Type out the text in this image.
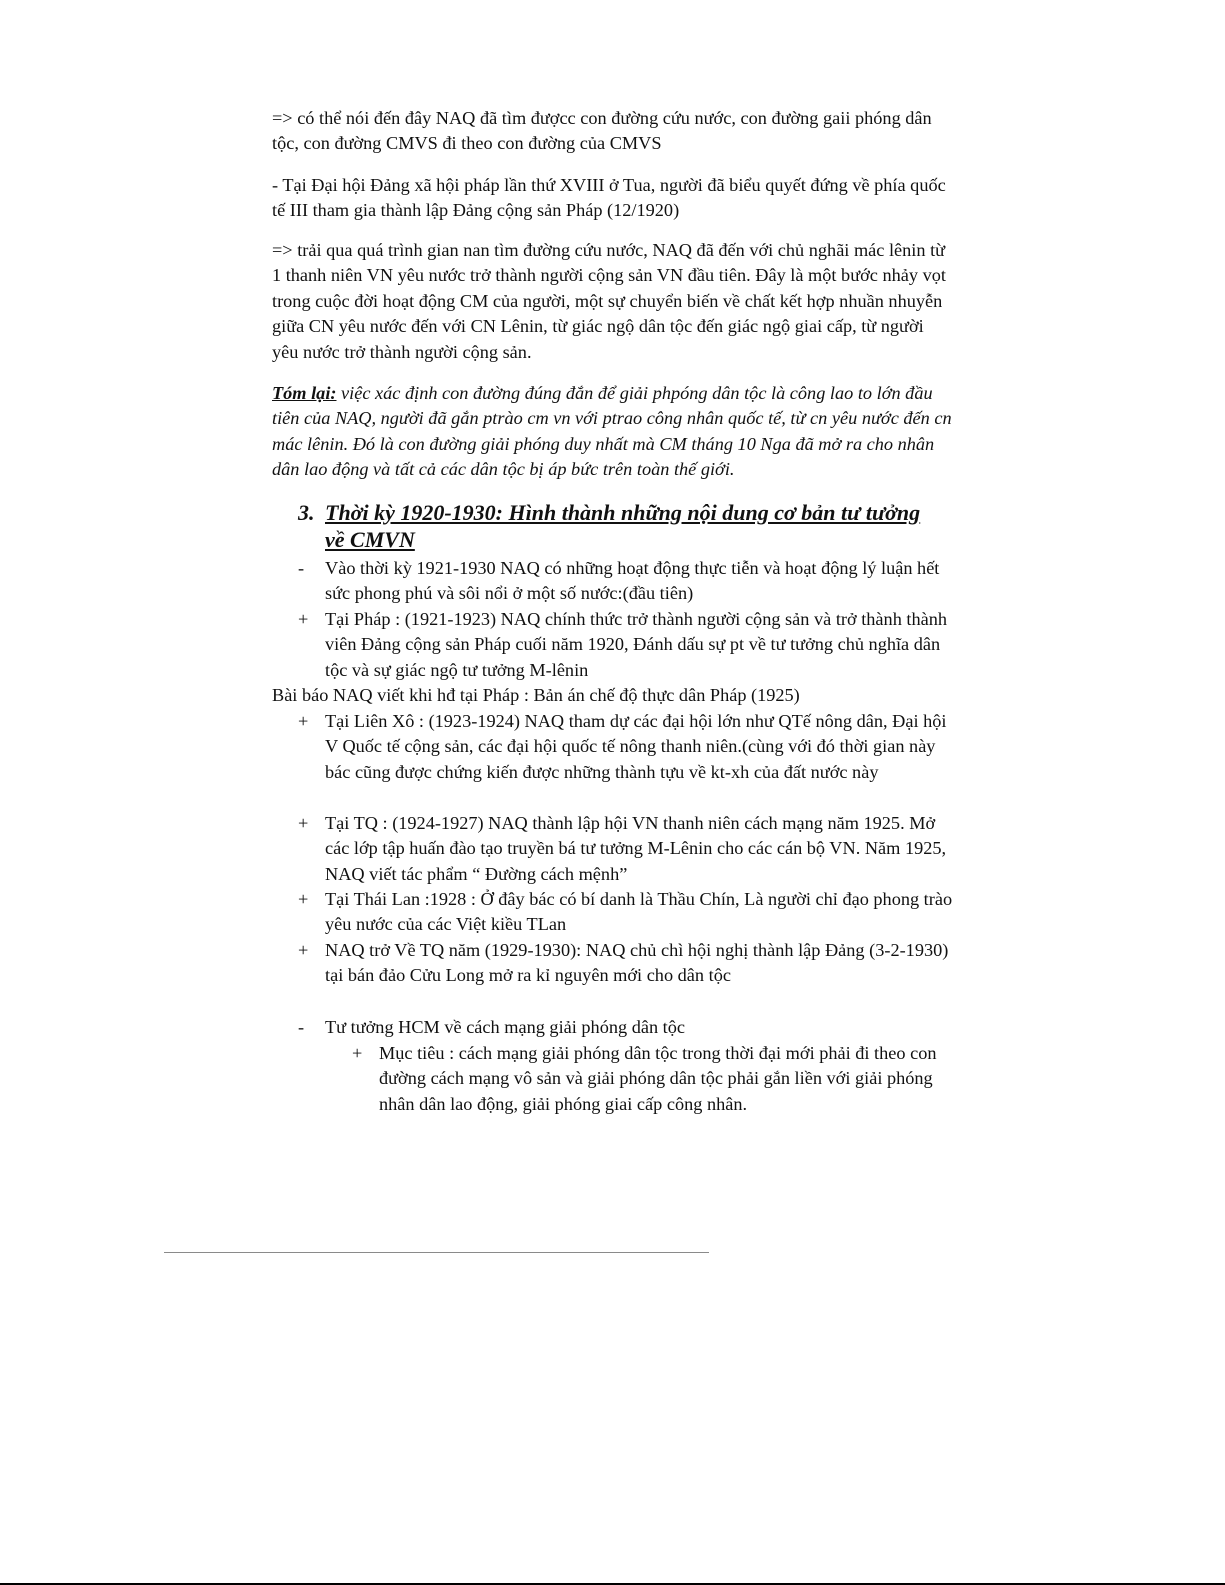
=> có thể nói đến đây NAQ đã tìm đượcc con đường cứu nước, con đường gaii phóng dân tộc, con đường CMVS đi theo con đường của CMVS

- Tại Đại hội Đảng xã hội pháp lần thứ XVIII ở Tua, người đã biểu quyết đứng về phía quốc tế III tham gia thành lập Đảng cộng sản Pháp (12/1920)

=> trải qua quá trình gian nan tìm đường cứu nước, NAQ đã đến với chủ nghãi mác lênin từ 1 thanh niên VN yêu nước trở thành người cộng sản VN đầu tiên. Đây là một bước nhảy vọt trong cuộc đời hoạt động CM của người, một sự chuyển biến về chất kết hợp nhuần nhuyễn giữa CN yêu nước đến với CN Lênin, từ giác ngộ dân tộc đến giác ngộ giai cấp, từ người yêu nước trở thành người cộng sản.

Tóm lại: việc xác định con đường đúng đắn để giải phpóng dân tộc là công lao to lớn đầu tiên của NAQ, người đã gắn ptrào cm vn với ptrao công nhân quốc tế, từ cn yêu nước đến cn mác lênin. Đó là con đường giải phóng duy nhất mà CM tháng 10 Nga đã mở ra cho nhân dân lao động và tất cả các dân tộc bị áp bức trên toàn thế giới.

3. Thời kỳ 1920-1930: Hình thành những nội dung cơ bản tư tưởng
về CMVN
-	Vào thời kỳ 1921-1930 NAQ có những hoạt động thực tiễn và hoạt động lý luận hết sức phong phú và sôi nổi ở một số nước:(đầu tiên)
+ Tại Pháp : (1921-1923) NAQ chính thức trở thành người cộng sản và trở thành thành viên Đảng cộng sản Pháp cuối năm 1920, Đánh dấu sự pt về tư tưởng chủ nghĩa dân tộc và sự giác ngộ tư tưởng M-lênin

Bài báo NAQ viết khi hđ tại Pháp : Bản án chế độ thực dân Pháp (1925)

+ Tại Liên Xô : (1923-1924) NAQ tham dự các đại hội lớn như QTế nông dân, Đại hội V Quốc tế cộng sản, các đại hội quốc tế nông thanh niên.(cùng với đó thời gian này bác cũng được chứng kiến được những thành tựu về kt-xh của đất nước này
+ Tại TQ : (1924-1927) NAQ thành lập hội VN thanh niên cách mạng năm 1925. Mở các lớp tập huấn đào tạo truyền bá tư tưởng M-Lênin cho các cán bộ VN. Năm 1925, NAQ viết tác phẩm “ Đường cách mệnh”
+ Tại Thái Lan :1928 : Ở đây bác có bí danh là Thầu Chín, Là người chỉ đạo phong trào yêu nước của các Việt kiều TLan
+ NAQ trở Về TQ năm (1929-1930): NAQ chủ chì hội nghị thành lập Đảng (3-2-1930) tại bán đảo Cửu Long mở ra kỉ nguyên mới cho dân tộc
-	Tư tưởng HCM về cách mạng giải phóng dân tộc
+ Mục tiêu : cách mạng giải phóng dân tộc trong thời đại mới phải đi theo con đường cách mạng vô sản và giải phóng dân tộc phải gắn liền với giải phóng nhân dân lao động, giải phóng giai cấp công nhân.
